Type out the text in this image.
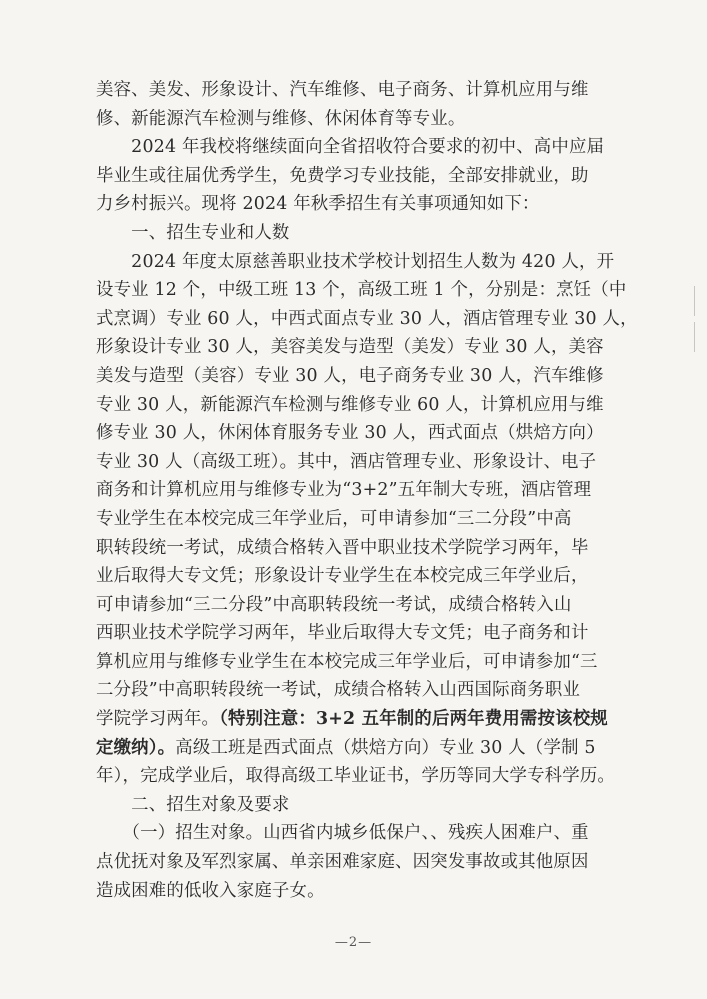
美容、美发、形象设计、汽车维修、电子商务、计算机应用与维
修、新能源汽车检测与维修、休闲体育等专业。
　　2024 年我校将继续面向全省招收符合要求的初中、高中应届
毕业生或往届优秀学生，免费学习专业技能，全部安排就业，助
力乡村振兴。现将 2024 年秋季招生有关事项通知如下：
　　一、招生专业和人数
　　2024 年度太原慈善职业技术学校计划招生人数为 420 人，开
设专业 12 个，中级工班 13 个，高级工班 1 个，分别是：烹饪（中
式烹调）专业 60 人，中西式面点专业 30 人，酒店管理专业 30 人，
形象设计专业 30 人，美容美发与造型（美发）专业 30 人，美容
美发与造型（美容）专业 30 人，电子商务专业 30 人，汽车维修
专业 30 人，新能源汽车检测与维修专业 60 人，计算机应用与维
修专业 30 人，休闲体育服务专业 30 人，西式面点（烘焙方向）
专业 30 人（高级工班）。其中，酒店管理专业、形象设计、电子
商务和计算机应用与维修专业为“3+2”五年制大专班，酒店管理
专业学生在本校完成三年学业后，可申请参加“三二分段”中高
职转段统一考试，成绩合格转入晋中职业技术学院学习两年，毕
业后取得大专文凭；形象设计专业学生在本校完成三年学业后，
可申请参加“三二分段”中高职转段统一考试，成绩合格转入山
西职业技术学院学习两年，毕业后取得大专文凭；电子商务和计
算机应用与维修专业学生在本校完成三年学业后，可申请参加“三
二分段”中高职转段统一考试，成绩合格转入山西国际商务职业
学院学习两年。（特别注意：3+2 五年制的后两年费用需按该校规
定缴纳）。高级工班是西式面点（烘焙方向）专业 30 人（学制 5
年），完成学业后，取得高级工毕业证书，学历等同大学专科学历。
　　二、招生对象及要求
　　（一）招生对象。山西省内城乡低保户、、残疾人困难户、重
点优抚对象及军烈家属、单亲困难家庭、因突发事故或其他原因
造成困难的低收入家庭子女。
—2—
